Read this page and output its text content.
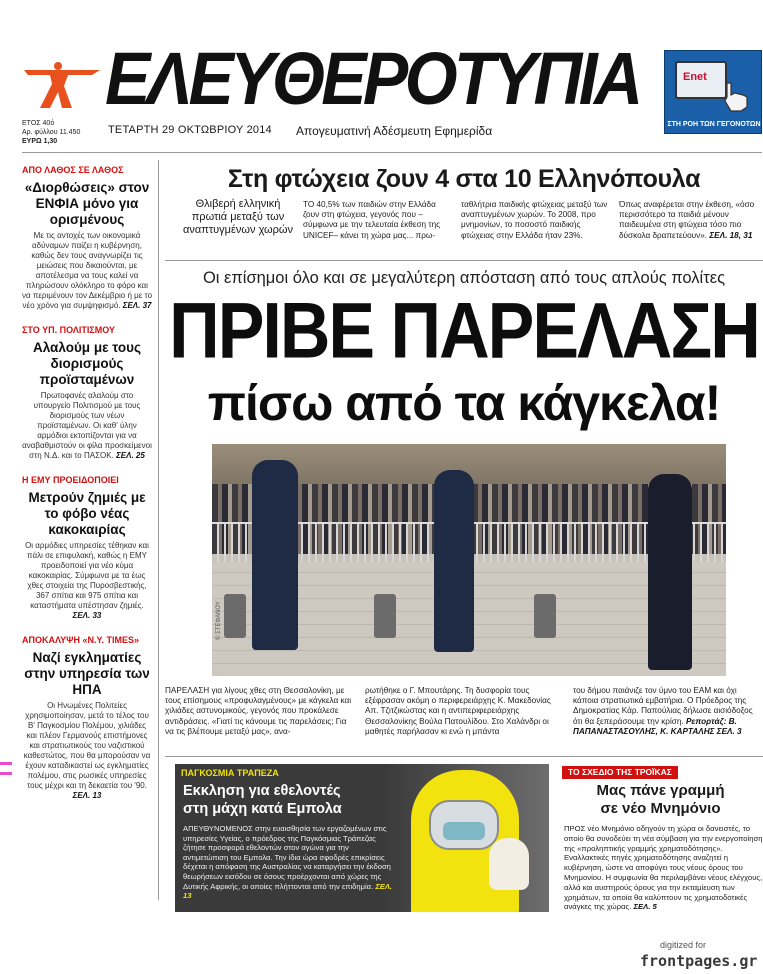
ΕΛΕΥΘΕΡΟΤΥΠΙΑ
ΕΤΟΣ 40ό
Αρ. φύλλου 11.450
ΕΥΡΩ 1,30
ΤΕΤΑΡΤΗ 29 ΟΚΤΩΒΡΙΟΥ 2014 Απογευματινή Αδέσμευτη Εφημερίδα
Enet
ΣΤΗ ΡΟΗ ΤΩΝ ΓΕΓΟΝΟΤΩΝ
ΑΠΟ ΛΑΘΟΣ ΣΕ ΛΑΘΟΣ
«Διορθώσεις» στον ΕΝΦΙΑ μόνο για ορισμένους
Με τις αντοχές των οικονομικά αδύναμων παίζει η κυβέρνηση, καθώς δεν τους αναγνωρίζει τις μειώσεις που δικαιούνται, με αποτέλεσμα να τους καλεί να πληρώσουν ολόκληρο το φόρο και να περιμένουν τον Δεκέμβριο ή με το νέο χρόνο για συμψηφισμό. ΣΕΛ. 37
ΣΤΟ ΥΠ. ΠΟΛΙΤΙΣΜΟΥ
Αλαλούμ με τους διορισμούς προϊσταμένων
Πρωτοφανές αλαλούμ στο υπουργείο Πολιτισμού με τους διορισμούς των νέων προϊσταμένων. Οι καθ' ύλην αρμόδιοι εκτοπίζονται για να αναβαθμιστούν οι φίλα προσκείμενοι στη Ν.Δ. και το ΠΑΣΟΚ. ΣΕΛ. 25
Η ΕΜΥ ΠΡΟΕΙΔΟΠΟΙΕΙ
Μετρούν ζημιές με το φόβο νέας κακοκαιρίας
Οι αρμόδιες υπηρεσίες τέθηκαν και πάλι σε επιφυλακή, καθώς η ΕΜΥ προειδοποιεί για νέο κύμα κακοκαιρίας. Σύμφωνα με τα έως χθες στοιχεία της Πυροσβεστικής, 367 σπίτια και 975 σπίτια και καταστήματα υπέστησαν ζημιές. ΣΕΛ. 33
ΑΠΟΚΑΛΥΨΗ «N.Y. TIMES»
Ναζί εγκληματίες στην υπηρεσία των ΗΠΑ
Οι Ηνωμένες Πολιτείες χρησιμοποίησαν, μετά το τέλος του Β' Παγκοσμίου Πολέμου, χιλιάδες και πλέον Γερμανούς επιστήμονες και στρατιωτικούς του ναζιστικού καθεστώτος, που θα μπορούσαν να έχουν καταδικαστεί ως εγκληματίες πολέμου, στις ρωσικές υπηρεσίες τους μέχρι και τη δεκαετία του '90. ΣΕΛ. 13
Στη φτώχεια ζουν 4 στα 10 Ελληνόπουλα
Θλιβερή ελληνική πρωτιά μεταξύ των αναπτυγμένων χωρών
ΤΟ 40,5% των παιδιών στην Ελλάδα ζουν στη φτώχεια, γεγονός που –σύμφωνα με την τελευταία έκθεση της UNICEF– κάνει τη χώρα μας... πρω-
ταθλήτρια παιδικής φτώχειας μεταξύ των αναπτυγμένων χωρών. Το 2008, προ μνημονίων, το ποσοστό παιδικής φτώχειας στην Ελλάδα ήταν 23%.
Όπως αναφέρεται στην έκθεση, «όσο περισσότερο τα παιδιά μένουν παιδευμένα στη φτώχεια τόσο πιο δύσκολα δραπετεύουν». ΣΕΛ. 18, 31
Οι επίσημοι όλο και σε μεγαλύτερη απόσταση από τους απλούς πολίτες
ΠΡΙΒΕ ΠΑΡΕΛΑΣΗ
πίσω από τα κάγκελα!
© ΣΤΕΦΑΝΟΥ
ΠΑΡΕΛΑΣΗ για λίγους χθες στη Θεσσαλονίκη, με τους επίσημους «προφυλαγμένους» με κάγκελα και χιλιάδες αστυνομικούς, γεγονός που προκάλεσε αντιδράσεις. «Γιατί τις κάνουμε τις παρελάσεις; Για να τις βλέπουμε μεταξύ μας», ανα-
ρωτήθηκε ο Γ. Μπουτάρης. Τη δυσφορία τους εξέφρασαν ακόμη ο περιφερειάρχης Κ. Μακεδονίας Απ. Τζιτζικώστας και η αντιπεριφερειάρχης Θεσσαλονίκης Βούλα Πατουλίδου. Στο Χαλάνδρι οι μαθητές παρήλασαν κι ενώ η μπάντα
του δήμου παιάνιζε τον ύμνο του ΕΑΜ και όχι κάποια στρατιωτικά εμβατήρια. Ο Πρόεδρος της Δημοκρατίας Κάρ. Παπούλιας δήλωσε αισιόδοξος ότι θα ξεπεράσουμε την κρίση. Ρεπορτάζ: Β. ΠΑΠΑΝΑΣΤΑΣΟΥΛΗΣ, Κ. ΚΑΡΤΑΛΗΣ ΣΕΛ. 3
ΠΑΓΚΟΣΜΙΑ ΤΡΑΠΕΖΑ
Εκκληση για εθελοντές
στη μάχη κατά Εμπολα
ΑΠΕΥΘΥΝΟΜΕΝΟΣ στην ευαισθησία των εργαζομένων στις υπηρεσίες Υγείας, ο πρόεδρος της Παγκόσμιας Τράπεζας ζήτησε προσφορά εθελοντών στον αγώνα για την αντιμετώπιση του Εμπολα. Την ίδια ώρα σφοδρές επικρίσεις δέχεται η απόφαση της Αυστραλίας να καταργήσει την έκδοση θεωρήσεων εισόδου σε όσους προέρχονται από χώρες της Δυτικής Αφρικής, οι οποίες πλήττονται από την επιδημία. ΣΕΛ. 13
ΤΟ ΣΧΕΔΙΟ ΤΗΣ ΤΡΟΪΚΑΣ
Μας πάνε γραμμή
σε νέο Μνημόνιο
ΠΡΟΣ νέο Μνημόνιο οδηγούν τη χώρα οι δανειστές, το οποίο θα συνοδεύει τη νέα σύμβαση για την ενεργοποίηση της «προληπτικής γραμμής χρηματοδότησης». Εναλλακτικές πηγές χρηματοδότησης αναζητεί η κυβέρνηση, ώστε να αποφύγει τους νέους όρους του Μνημονίου. Η συμφωνία θα περιλαμβάνει νέους ελέγχους, αλλά και αυστηρούς όρους για την εκταμίευση των χρημάτων, τα οποία θα καλύπτουν τις χρηματοδοτικές ανάγκες της χώρας. ΣΕΛ. 5
digitized for
frontpages.gr
